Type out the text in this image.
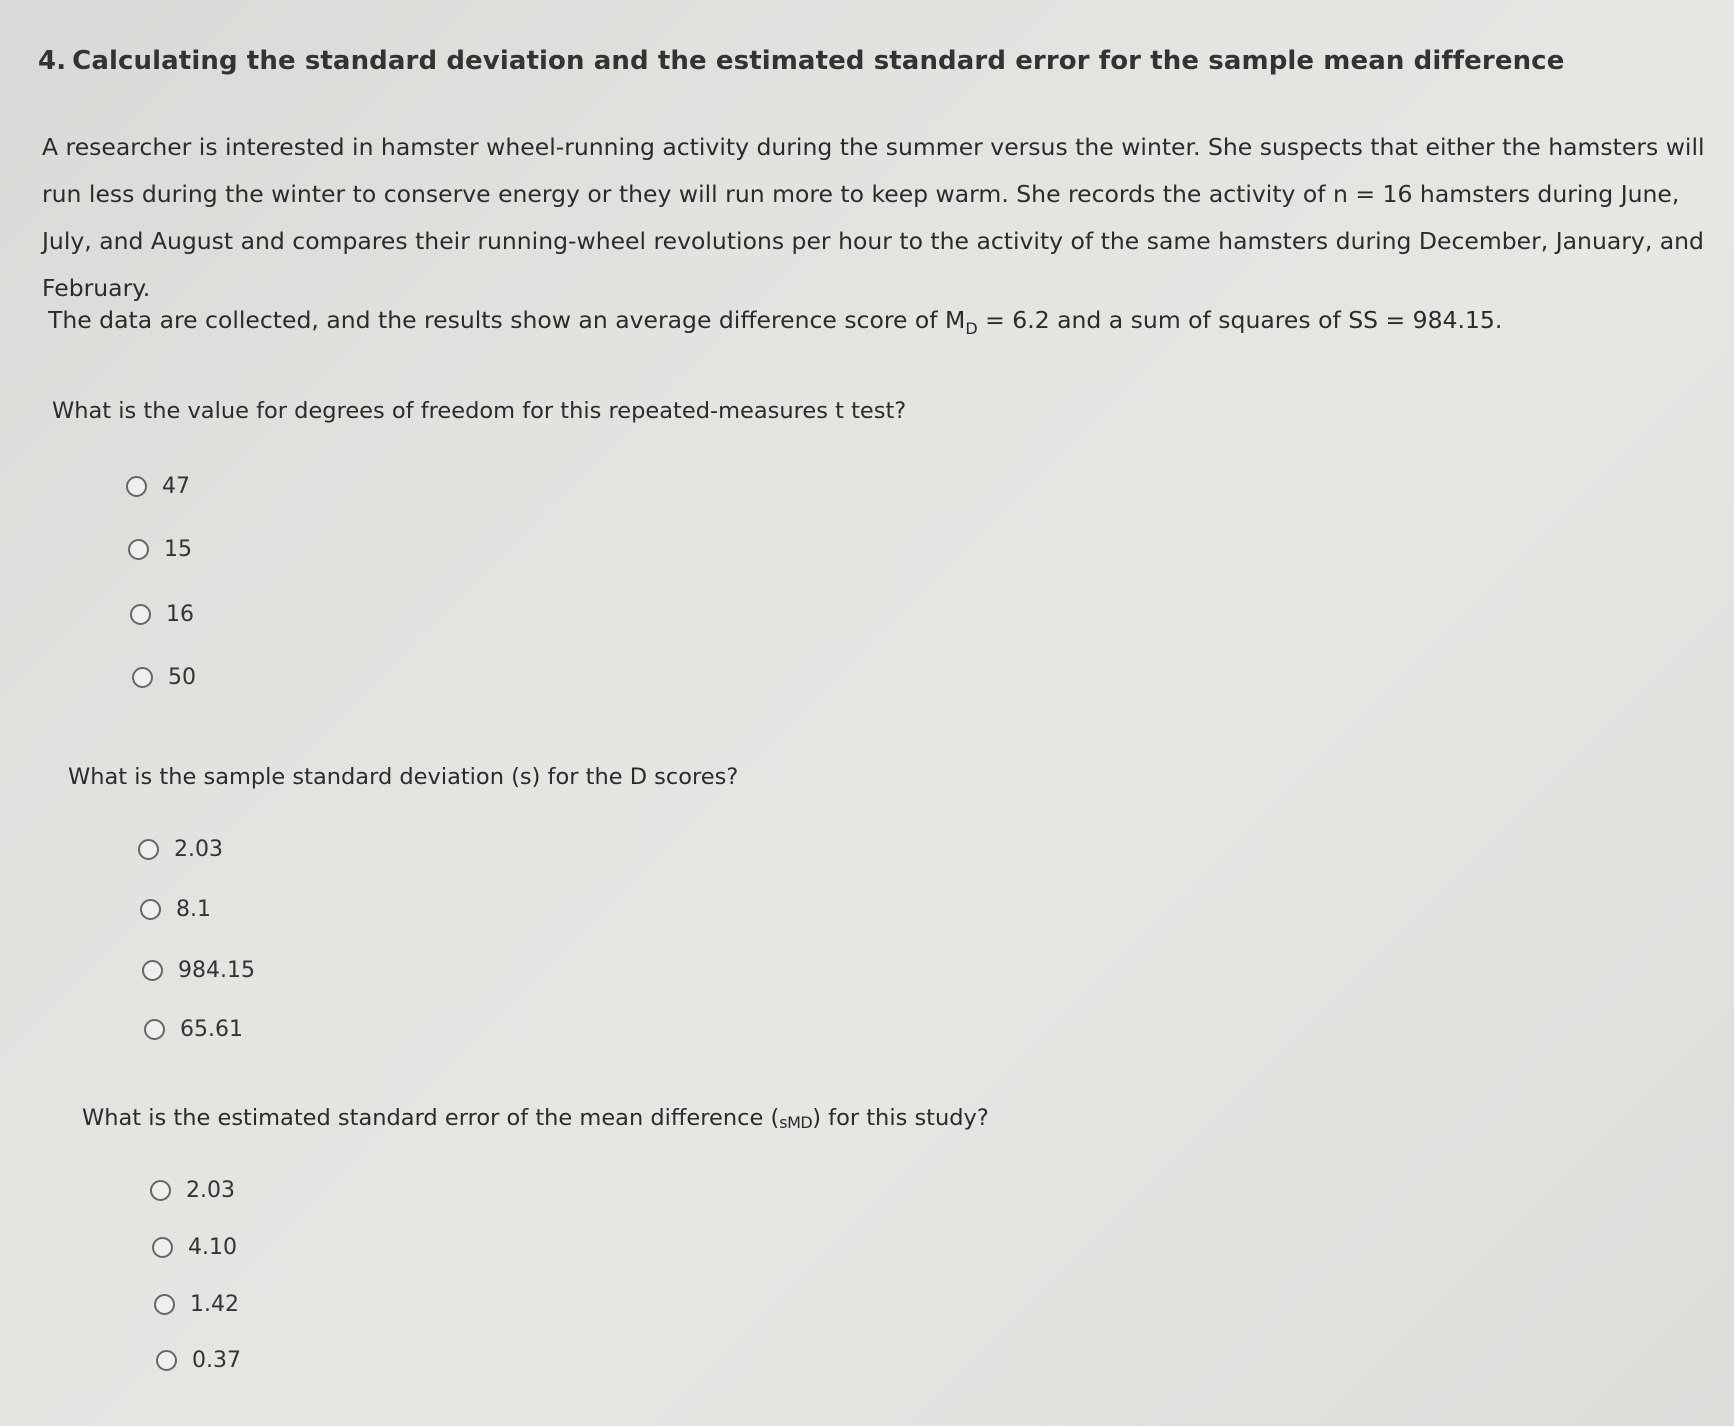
4. Calculating the standard deviation and the estimated standard error for the sample mean difference
A researcher is interested in hamster wheel-running activity during the summer versus the winter. She suspects that either the hamsters will run less during the winter to conserve energy or they will run more to keep warm. She records the activity of n = 16 hamsters during June, July, and August and compares their running-wheel revolutions per hour to the activity of the same hamsters during December, January, and February.
The data are collected, and the results show an average difference score of $M_D = 6.2$ and a sum of squares of SS = 984.15.
What is the value for degrees of freedom for this repeated-measures t test?
47
15
16
50
What is the sample standard deviation (s) for the D scores?
2.03
8.1
984.15
65.61
What is the estimated standard error of the mean difference (sMD) for this study?
2.03
4.10
1.42
0.37
